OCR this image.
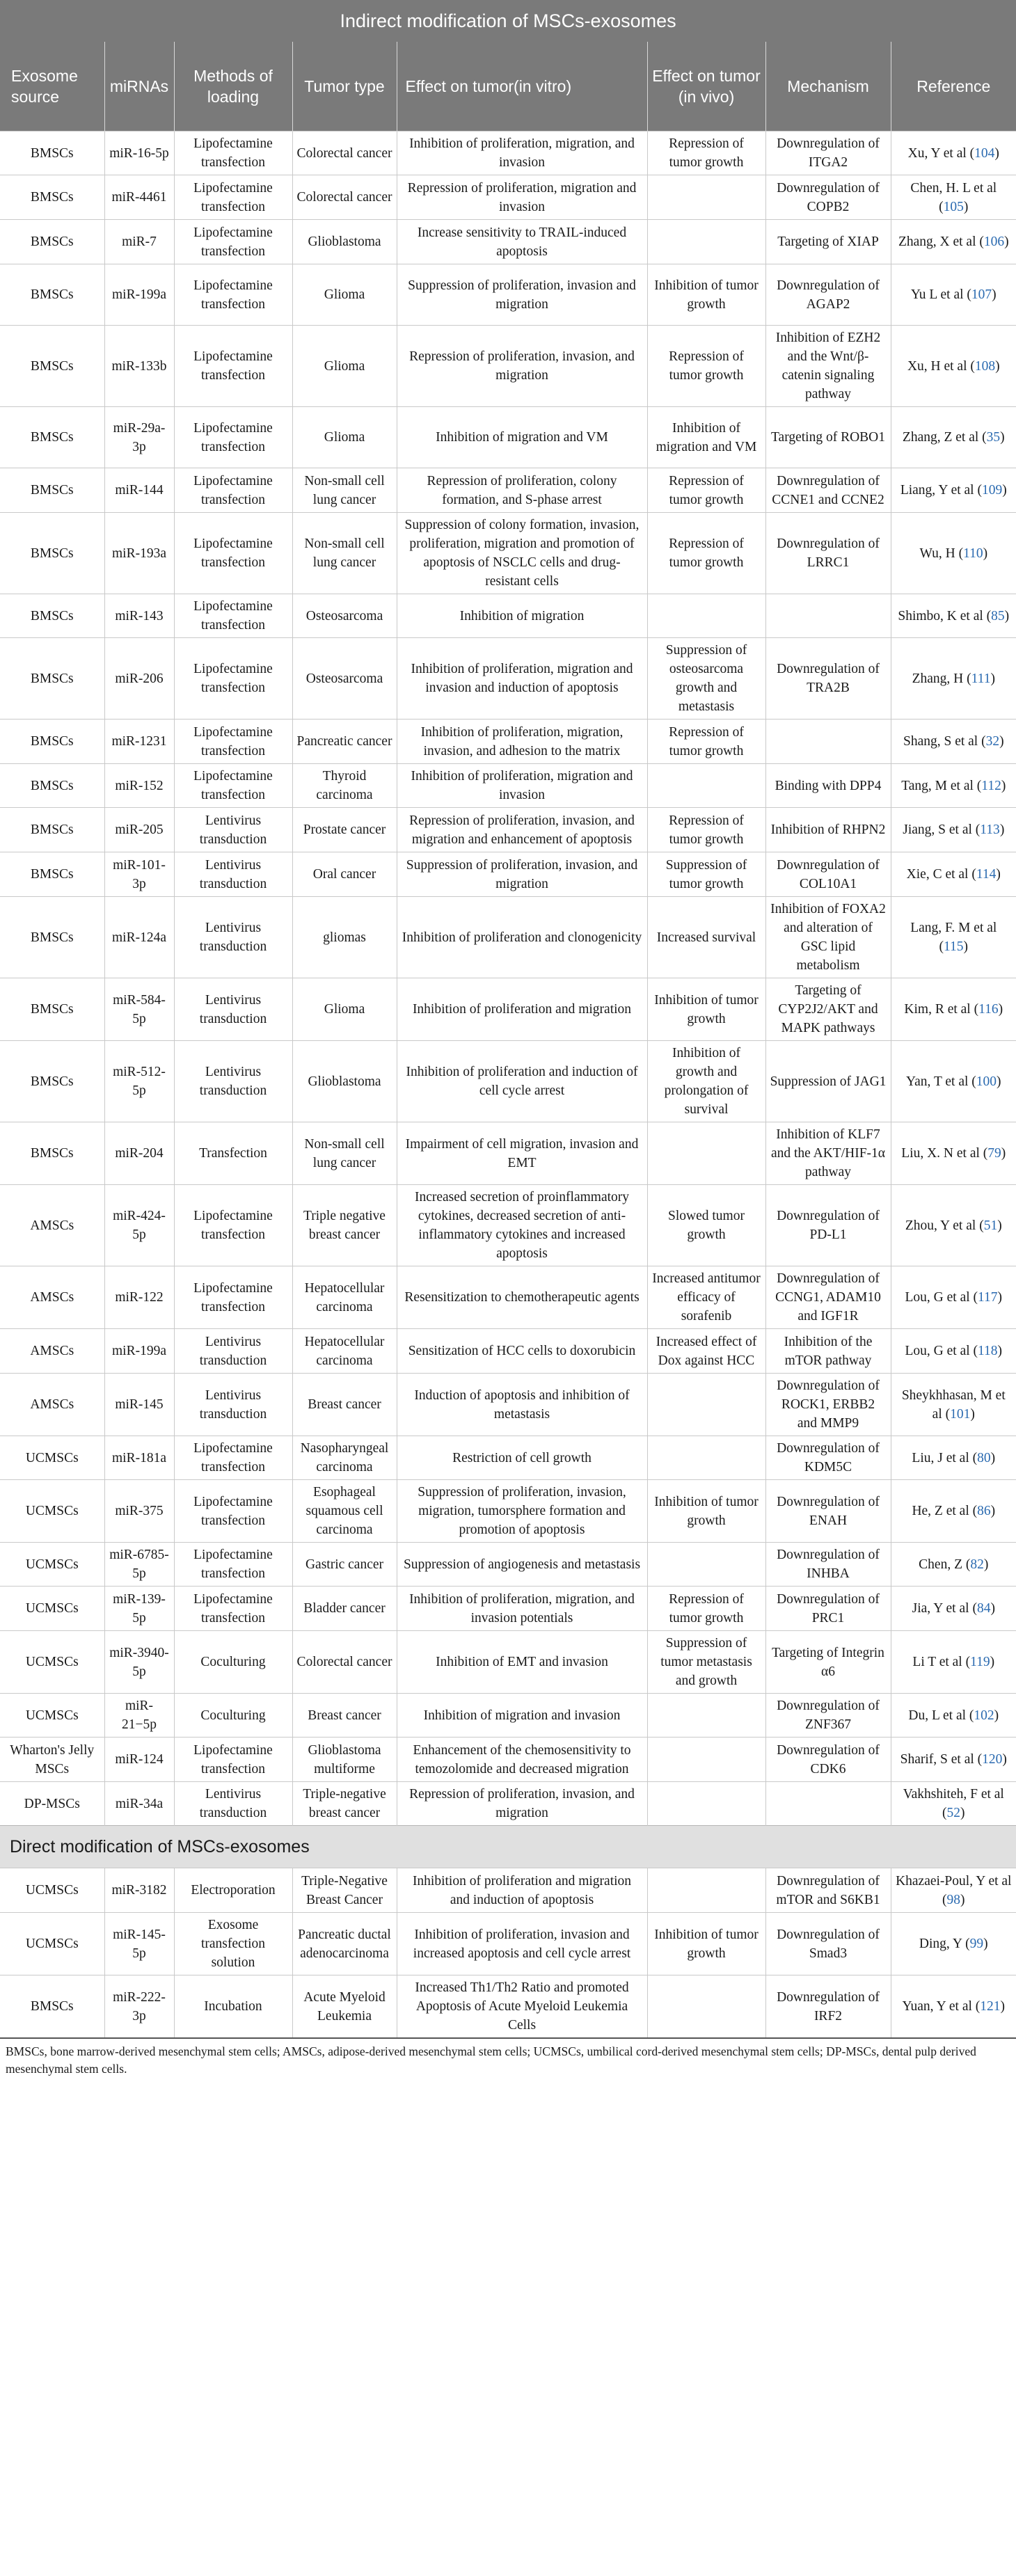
Indirect modification of MSCs-exosomes							
Exosome source	miRNAs	Methods of loading	Tumor type	Effect on tumor(in vitro)	Effect on tumor (in vivo)	Mechanism	Reference
BMSCs	miR-16-5p	Lipofectamine transfection	Colorectal cancer	Inhibition of proliferation, migration, and invasion	Repression of tumor growth	Downregulation of ITGA2	Xu, Y et al (104)
BMSCs	miR-4461	Lipofectamine transfection	Colorectal cancer	Repression of proliferation, migration and invasion		Downregulation of COPB2	Chen, H. L et al (105)
BMSCs	miR-7	Lipofectamine transfection	Glioblastoma	Increase sensitivity to TRAIL-induced apoptosis		Targeting of XIAP	Zhang, X et al (106)
BMSCs	miR-199a	Lipofectamine transfection	Glioma	Suppression of proliferation, invasion and migration	Inhibition of tumor growth	Downregulation of AGAP2	Yu L et al (107)
BMSCs	miR-133b	Lipofectamine transfection	Glioma	Repression of proliferation, invasion, and migration	Repression of tumor growth	Inhibition of EZH2 and the Wnt/β-catenin signaling pathway	Xu, H et al (108)
BMSCs	miR-29a-3p	Lipofectamine transfection	Glioma	Inhibition of migration and VM	Inhibition of migration and VM	Targeting of ROBO1	Zhang, Z et al (35)
BMSCs	miR-144	Lipofectamine transfection	Non-small cell lung cancer	Repression of proliferation, colony formation, and S-phase arrest	Repression of tumor growth	Downregulation of CCNE1 and CCNE2	Liang, Y et al (109)
BMSCs	miR-193a	Lipofectamine transfection	Non-small cell lung cancer	Suppression of colony formation, invasion, proliferation, migration and promotion of apoptosis of NSCLC cells and drug-resistant cells	Repression of tumor growth	Downregulation of LRRC1	Wu, H (110)
BMSCs	miR-143	Lipofectamine transfection	Osteosarcoma	Inhibition of migration			Shimbo, K et al (85)
BMSCs	miR-206	Lipofectamine transfection	Osteosarcoma	Inhibition of proliferation, migration and invasion and induction of apoptosis	Suppression of osteosarcoma growth and metastasis	Downregulation of TRA2B	Zhang, H (111)
BMSCs	miR-1231	Lipofectamine transfection	Pancreatic cancer	Inhibition of proliferation, migration, invasion, and adhesion to the matrix	Repression of tumor growth		Shang, S et al (32)
BMSCs	miR-152	Lipofectamine transfection	Thyroid carcinoma	Inhibition of proliferation, migration and invasion		Binding with DPP4	Tang, M et al (112)
BMSCs	miR-205	Lentivirus transduction	Prostate cancer	Repression of proliferation, invasion, and migration and enhancement of apoptosis	Repression of tumor growth	Inhibition of RHPN2	Jiang, S et al (113)
BMSCs	miR-101-3p	Lentivirus transduction	Oral cancer	Suppression of proliferation, invasion, and migration	Suppression of tumor growth	Downregulation of COL10A1	Xie, C et al (114)
BMSCs	miR-124a	Lentivirus transduction	gliomas	Inhibition of proliferation and clonogenicity	Increased survival	Inhibition of FOXA2 and alteration of GSC lipid metabolism	Lang, F. M et al (115)
BMSCs	miR-584-5p	Lentivirus transduction	Glioma	Inhibition of proliferation and migration	Inhibition of tumor growth	Targeting of CYP2J2/AKT and MAPK pathways	Kim, R et al (116)
BMSCs	miR-512-5p	Lentivirus transduction	Glioblastoma	Inhibition of proliferation and induction of cell cycle arrest	Inhibition of growth and prolongation of survival	Suppression of JAG1	Yan, T et al (100)
BMSCs	miR-204	Transfection	Non-small cell lung cancer	Impairment of cell migration, invasion and EMT		Inhibition of KLF7 and the AKT/HIF-1α pathway	Liu, X. N et al (79)
AMSCs	miR-424-5p	Lipofectamine transfection	Triple negative breast cancer	Increased secretion of proinflammatory cytokines, decreased secretion of anti-inflammatory cytokines and increased apoptosis	Slowed tumor growth	Downregulation of PD-L1	Zhou, Y et al (51)
AMSCs	miR-122	Lipofectamine transfection	Hepatocellular carcinoma	Resensitization to chemotherapeutic agents	Increased antitumor efficacy of sorafenib	Downregulation of CCNG1, ADAM10 and IGF1R	Lou, G et al (117)
AMSCs	miR-199a	Lentivirus transduction	Hepatocellular carcinoma	Sensitization of HCC cells to doxorubicin	Increased effect of Dox against HCC	Inhibition of the mTOR pathway	Lou, G et al (118)
AMSCs	miR-145	Lentivirus transduction	Breast cancer	Induction of apoptosis and inhibition of metastasis		Downregulation of ROCK1, ERBB2 and MMP9	Sheykhhasan, M et al (101)
UCMSCs	miR-181a	Lipofectamine transfection	Nasopharyngeal carcinoma	Restriction of cell growth		Downregulation of KDM5C	Liu, J et al (80)
UCMSCs	miR-375	Lipofectamine transfection	Esophageal squamous cell carcinoma	Suppression of proliferation, invasion, migration, tumorsphere formation and promotion of apoptosis	Inhibition of tumor growth	Downregulation of ENAH	He, Z et al (86)
UCMSCs	miR-6785-5p	Lipofectamine transfection	Gastric cancer	Suppression of angiogenesis and metastasis		Downregulation of INHBA	Chen, Z (82)
UCMSCs	miR-139-5p	Lipofectamine transfection	Bladder cancer	Inhibition of proliferation, migration, and invasion potentials	Repression of tumor growth	Downregulation of PRC1	Jia, Y et al (84)
UCMSCs	miR-3940-5p	Coculturing	Colorectal cancer	Inhibition of EMT and invasion	Suppression of tumor metastasis and growth	Targeting of Integrin α6	Li T et al (119)
UCMSCs	miR-21−5p	Coculturing	Breast cancer	Inhibition of migration and invasion		Downregulation of ZNF367	Du, L et al (102)
Wharton's Jelly MSCs	miR-124	Lipofectamine transfection	Glioblastoma multiforme	Enhancement of the chemosensitivity to temozolomide and decreased migration		Downregulation of CDK6	Sharif, S et al (120)
DP-MSCs	miR-34a	Lentivirus transduction	Triple-negative breast cancer	Repression of proliferation, invasion, and migration			Vakhshiteh, F et al (52)
Direct modification of MSCs-exosomes							
UCMSCs	miR-3182	Electroporation	Triple-Negative Breast Cancer	Inhibition of proliferation and migration and induction of apoptosis		Downregulation of mTOR and S6KB1	Khazaei-Poul, Y et al (98)
UCMSCs	miR-145-5p	Exosome transfection solution	Pancreatic ductal adenocarcinoma	Inhibition of proliferation, invasion and increased apoptosis and cell cycle arrest	Inhibition of tumor growth	Downregulation of Smad3	Ding, Y (99)
BMSCs	miR-222-3p	Incubation	Acute Myeloid Leukemia	Increased Th1/Th2 Ratio and promoted Apoptosis of Acute Myeloid Leukemia Cells		Downregulation of IRF2	Yuan, Y et al (121)
BMSCs, bone marrow-derived mesenchymal stem cells; AMSCs, adipose-derived mesenchymal stem cells; UCMSCs, umbilical cord-derived mesenchymal stem cells; DP-MSCs, dental pulp derived mesenchymal stem cells.
